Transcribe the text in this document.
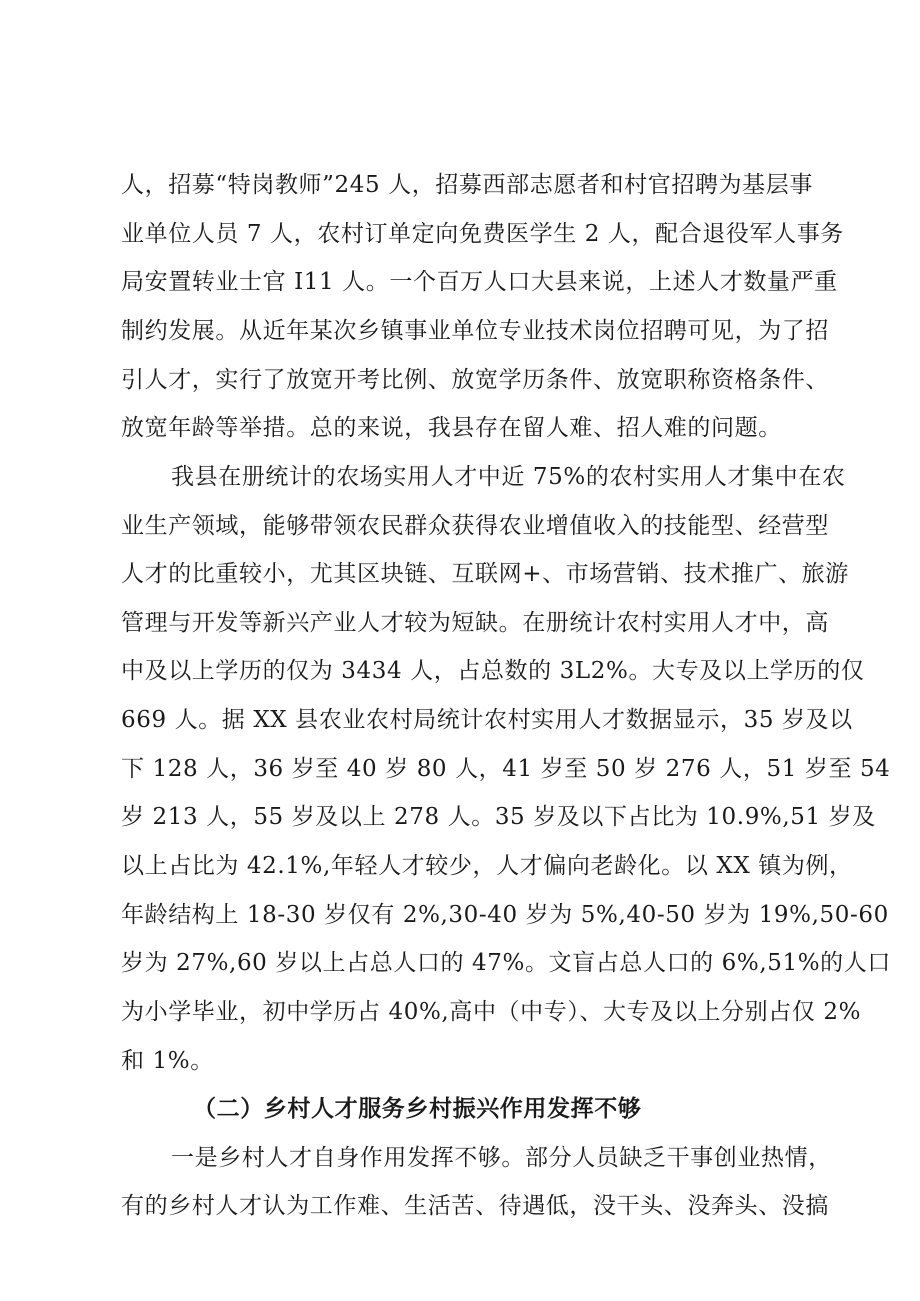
人，招募“特岗教师”245 人，招募西部志愿者和村官招聘为基层事
业单位人员 7 人，农村订单定向免费医学生 2 人，配合退役军人事务
局安置转业士官 I11 人。一个百万人口大县来说，上述人才数量严重
制约发展。从近年某次乡镇事业单位专业技术岗位招聘可见，为了招
引人才，实行了放宽开考比例、放宽学历条件、放宽职称资格条件、
放宽年龄等举措。总的来说，我县存在留人难、招人难的问题。
我县在册统计的农场实用人才中近 75%的农村实用人才集中在农
业生产领域，能够带领农民群众获得农业增值收入的技能型、经营型
人才的比重较小，尤其区块链、互联网+、市场营销、技术推广、旅游
管理与开发等新兴产业人才较为短缺。在册统计农村实用人才中，高
中及以上学历的仅为 3434 人，占总数的 3L2%。大专及以上学历的仅
669 人。据 XX 县农业农村局统计农村实用人才数据显示，35 岁及以
下 128 人，36 岁至 40 岁 80 人，41 岁至 50 岁 276 人，51 岁至 54
岁 213 人，55 岁及以上 278 人。35 岁及以下占比为 10.9%,51 岁及
以上占比为 42.1%,年轻人才较少，人才偏向老龄化。以 XX 镇为例，
年龄结构上 18-30 岁仅有 2%,30-40 岁为 5%,40-50 岁为 19%,50-60
岁为 27%,60 岁以上占总人口的 47%。文盲占总人口的 6%,51%的人口
为小学毕业，初中学历占 40%,高中（中专）、大专及以上分别占仅 2%
和 1%。
（二）乡村人才服务乡村振兴作用发挥不够
一是乡村人才自身作用发挥不够。部分人员缺乏干事创业热情，
有的乡村人才认为工作难、生活苦、待遇低，没干头、没奔头、没搞
